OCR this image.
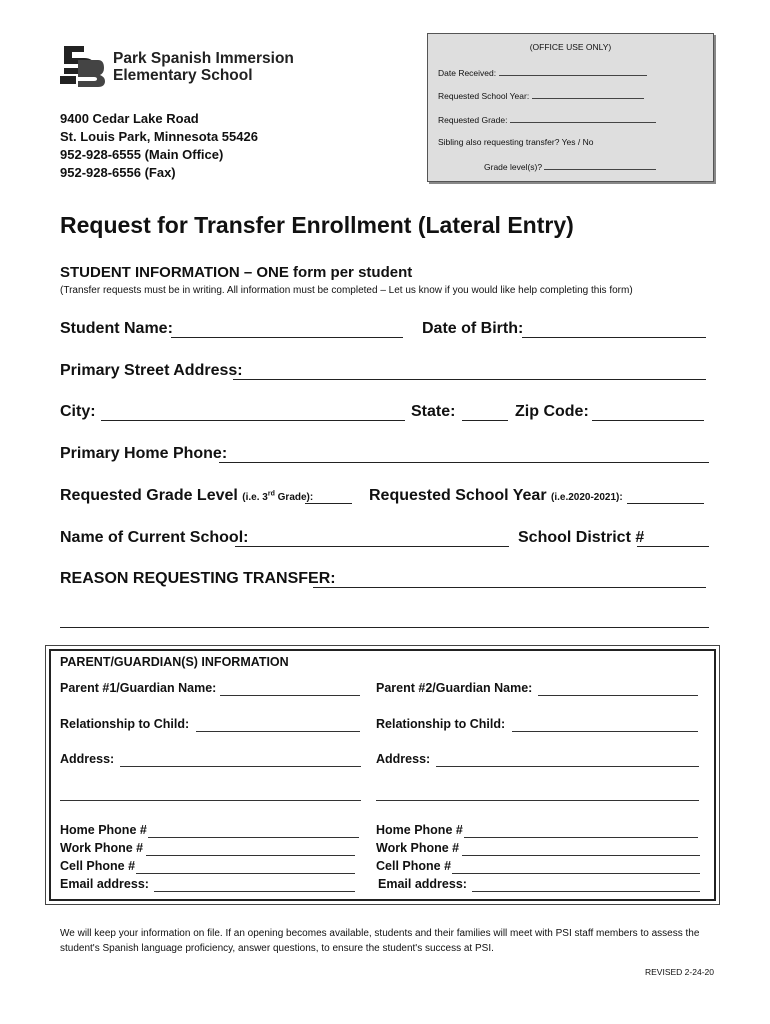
Park Spanish Immersion
Elementary School
9400 Cedar Lake Road
St. Louis Park, Minnesota 55426
952-928-6555 (Main Office)
952-928-6556 (Fax)
(OFFICE USE ONLY)
Date Received:
Requested School Year:
Requested Grade:
Sibling also requesting transfer? Yes / No
Grade level(s)?
Request for Transfer Enrollment (Lateral Entry)
STUDENT INFORMATION – ONE form per student
(Transfer requests must be in writing. All information must be completed – Let us know if you would like help completing this form)
Student Name:	Date of Birth:
Primary Street Address:
City:	State:	Zip Code:
Primary Home Phone:
Requested Grade Level (i.e. 3rd Grade):	Requested School Year (i.e.2020-2021):
Name of Current School:	School District #
REASON REQUESTING TRANSFER:
PARENT/GUARDIAN(S) INFORMATION
Parent #1/Guardian Name:	Parent #2/Guardian Name:
Relationship to Child:	Relationship to Child:
Address:	Address:
Home Phone #	Home Phone #
Work Phone #	Work Phone #
Cell Phone #	Cell Phone #
Email address:	Email address:
We will keep your information on file. If an opening becomes available, students and their families will meet with PSI staff members to assess the student's Spanish language proficiency, answer questions, to ensure the student's success at PSI.
REVISED 2-24-20
